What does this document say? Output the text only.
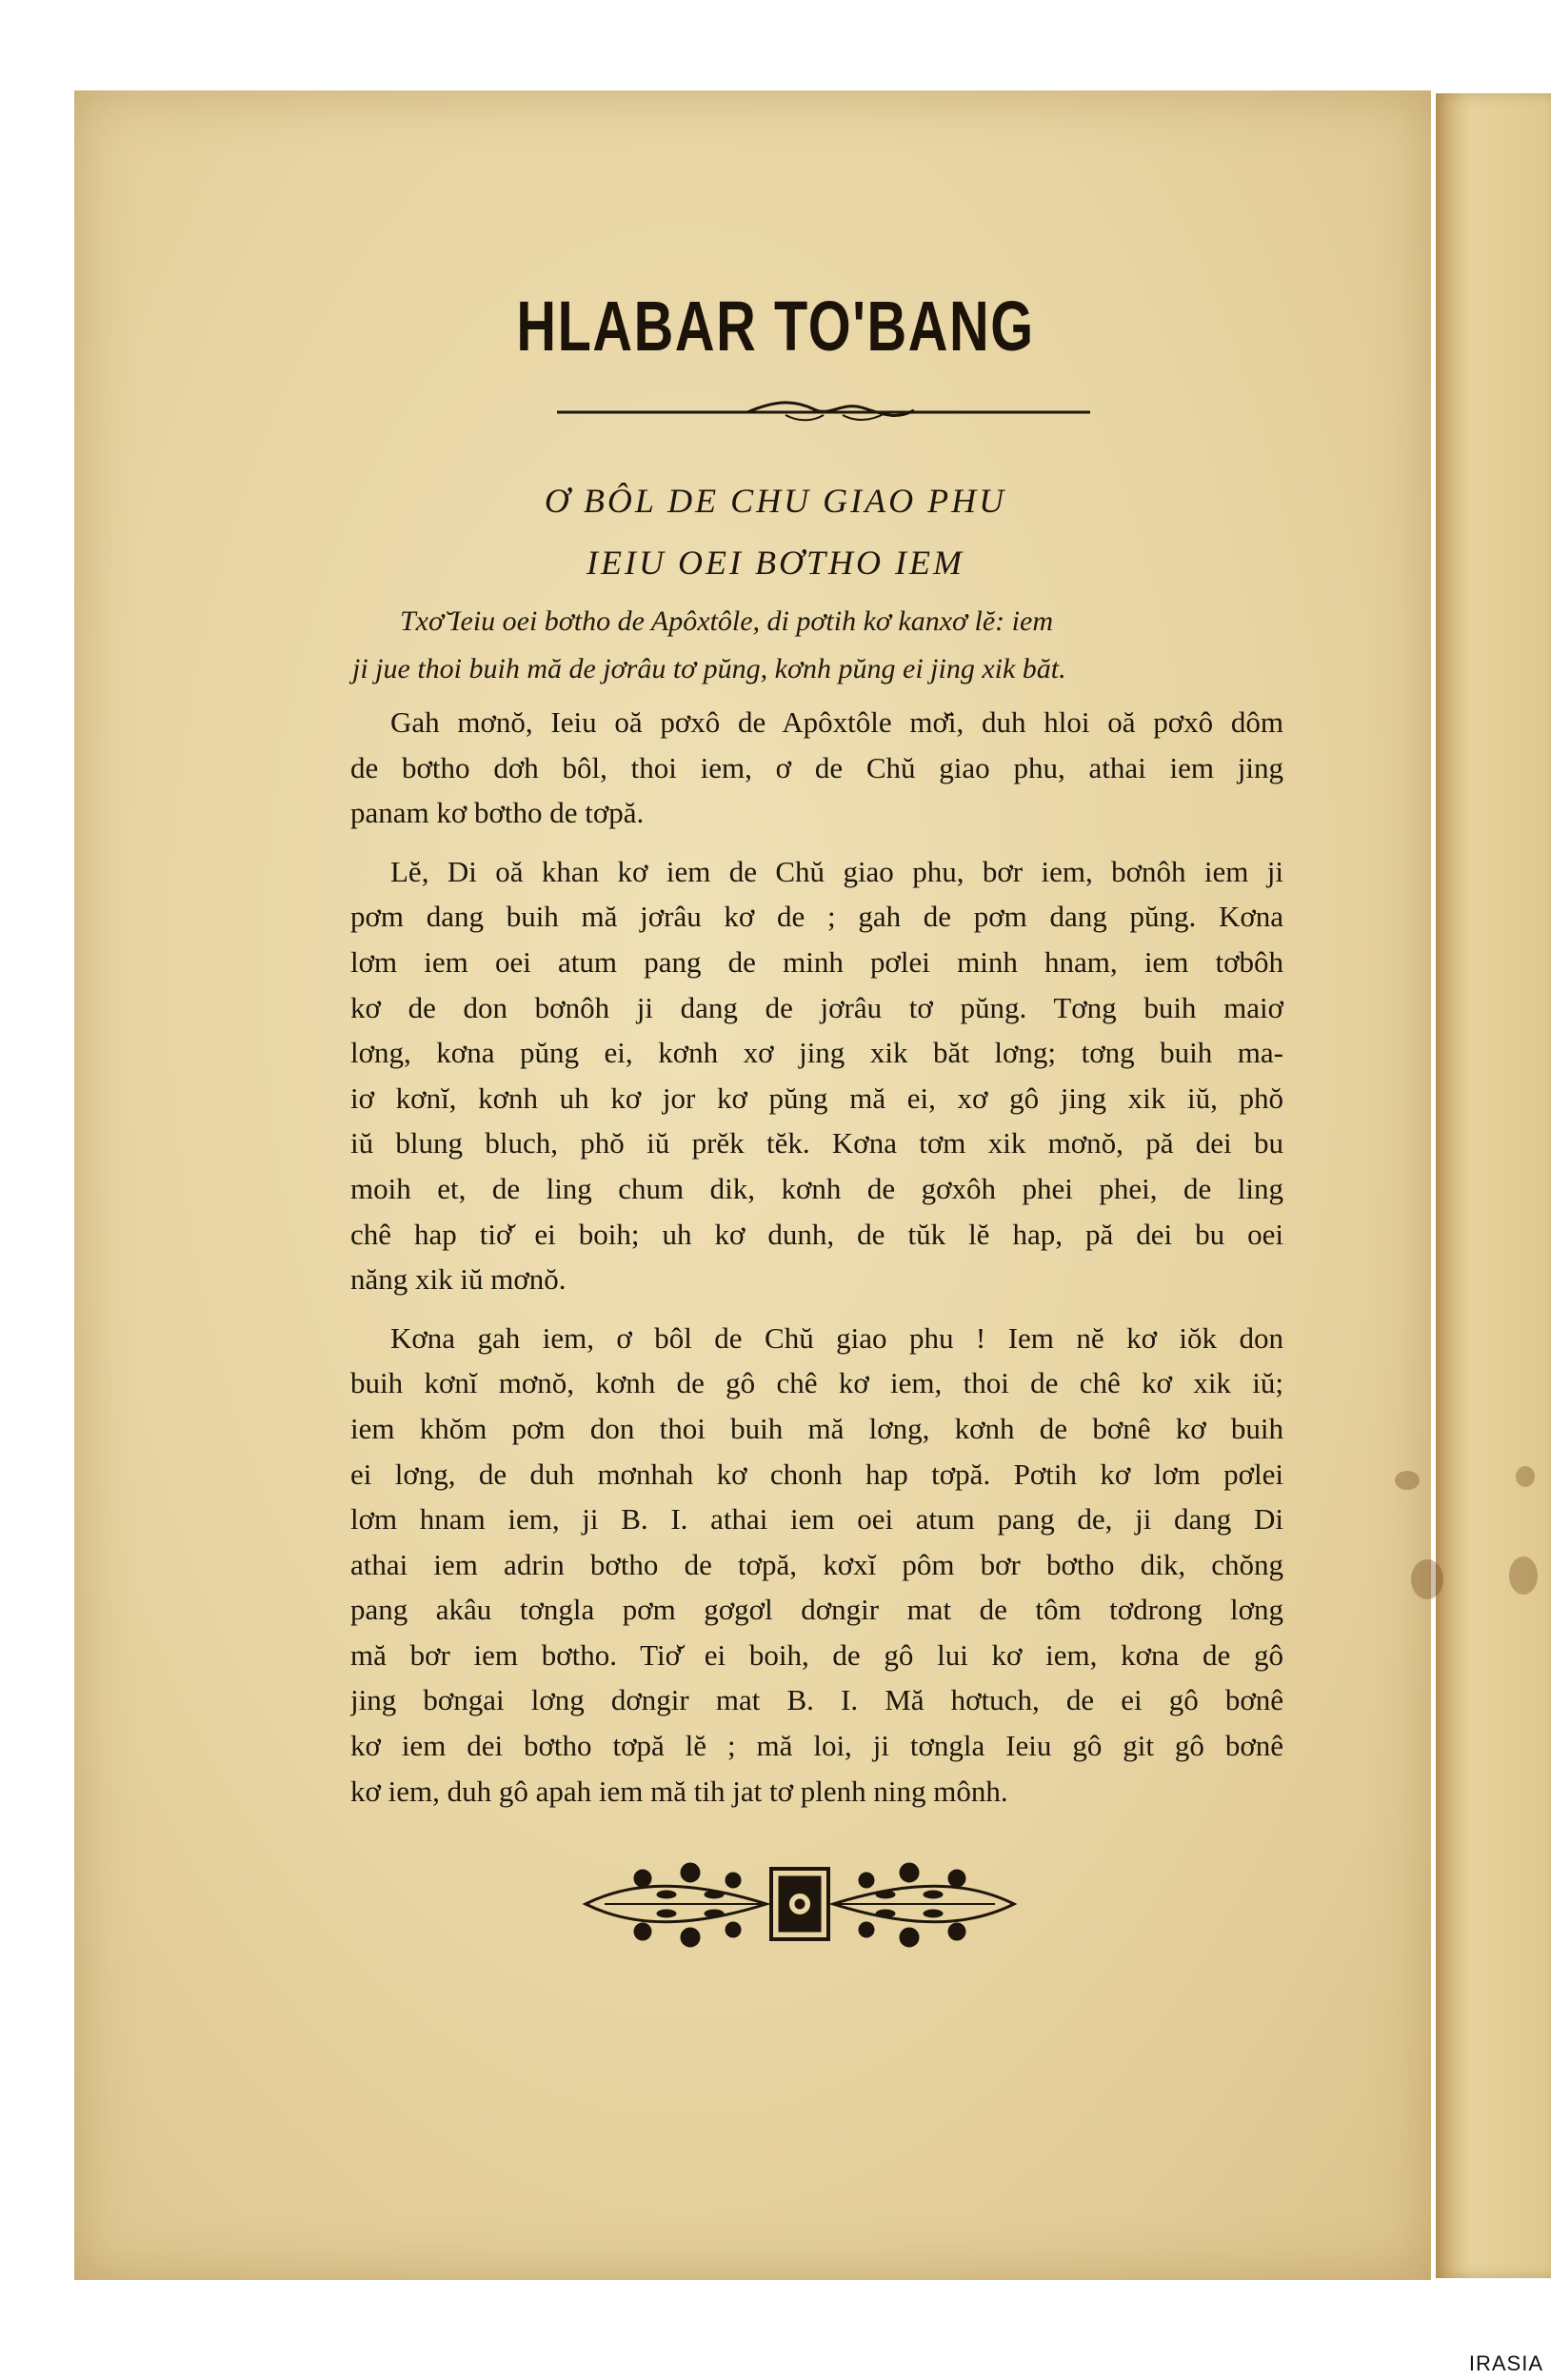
HLABAR TO'BANG
Ơ BÔL DE CHU GIAO PHU
IEIU OEI BƠTHO IEM
Txơ̆ Ieiu oei bơtho de Apôxtôle, di pơtih kơ kanxơ lĕ: iem
ji jue thoi buih mă de jơrâu tơ pŭng, kơnh pŭng ei jing xik băt.
Gah mơnŏ, Ieiu oă pơxô de Apôxtôle mơ̆i, duh hloi oă pơxô dôm
de bơtho dơh bôl, thoi iem, ơ de Chŭ giao phu, athai iem jing
panam kơ bơtho de tơpă.
Lĕ, Di oă khan kơ iem de Chŭ giao phu, bơr iem, bơnôh iem ji
pơm dang buih mă jơrâu kơ de ; gah de pơm dang pŭng. Kơna
lơm iem oei atum pang de minh pơlei minh hnam, iem tơbôh
kơ de don bơnôh ji dang de jơrâu tơ pŭng. Tơng buih maiơ
lơng, kơna pŭng ei, kơnh xơ jing xik băt lơng; tơng buih ma-
iơ kơnĭ, kơnh uh kơ jor kơ pŭng mă ei, xơ gô jing xik iŭ, phŏ
iŭ blung bluch, phŏ iŭ prĕk tĕk. Kơna tơm xik mơnŏ, pă dei bu
moih et, de ling chum dik, kơnh de gơxôh phei phei, de ling
chê hap tiơ̆ ei boih; uh kơ dunh, de tŭk lĕ hap, pă dei bu oei
năng xik iŭ mơnŏ.
Kơna gah iem, ơ bôl de Chŭ giao phu ! Iem nĕ kơ iŏk don
buih kơnĭ mơnŏ, kơnh de gô chê kơ iem, thoi de chê kơ xik iŭ;
iem khŏm pơm don thoi buih mă lơng, kơnh de bơnê kơ buih
ei lơng, de duh mơnhah kơ chonh hap tơpă. Pơtih kơ lơm pơlei
lơm hnam iem, ji B. I. athai iem oei atum pang de, ji dang Di
athai iem adrin bơtho de tơpă, kơxĭ pôm bơr bơtho dik, chŏng
pang akâu tơngla pơm gơgơl dơngir mat de tôm tơdrong lơng
mă bơr iem bơtho. Tiơ̆ ei boih, de gô lui kơ iem, kơna de gô
jing bơngai lơng dơngir mat B. I. Mă hơtuch, de ei gô bơnê
kơ iem dei bơtho tơpă lĕ ; mă loi, ji tơngla Ieiu gô git gô bơnê
kơ iem, duh gô apah iem mă tih jat tơ plenh ning mônh.
IRASIA
